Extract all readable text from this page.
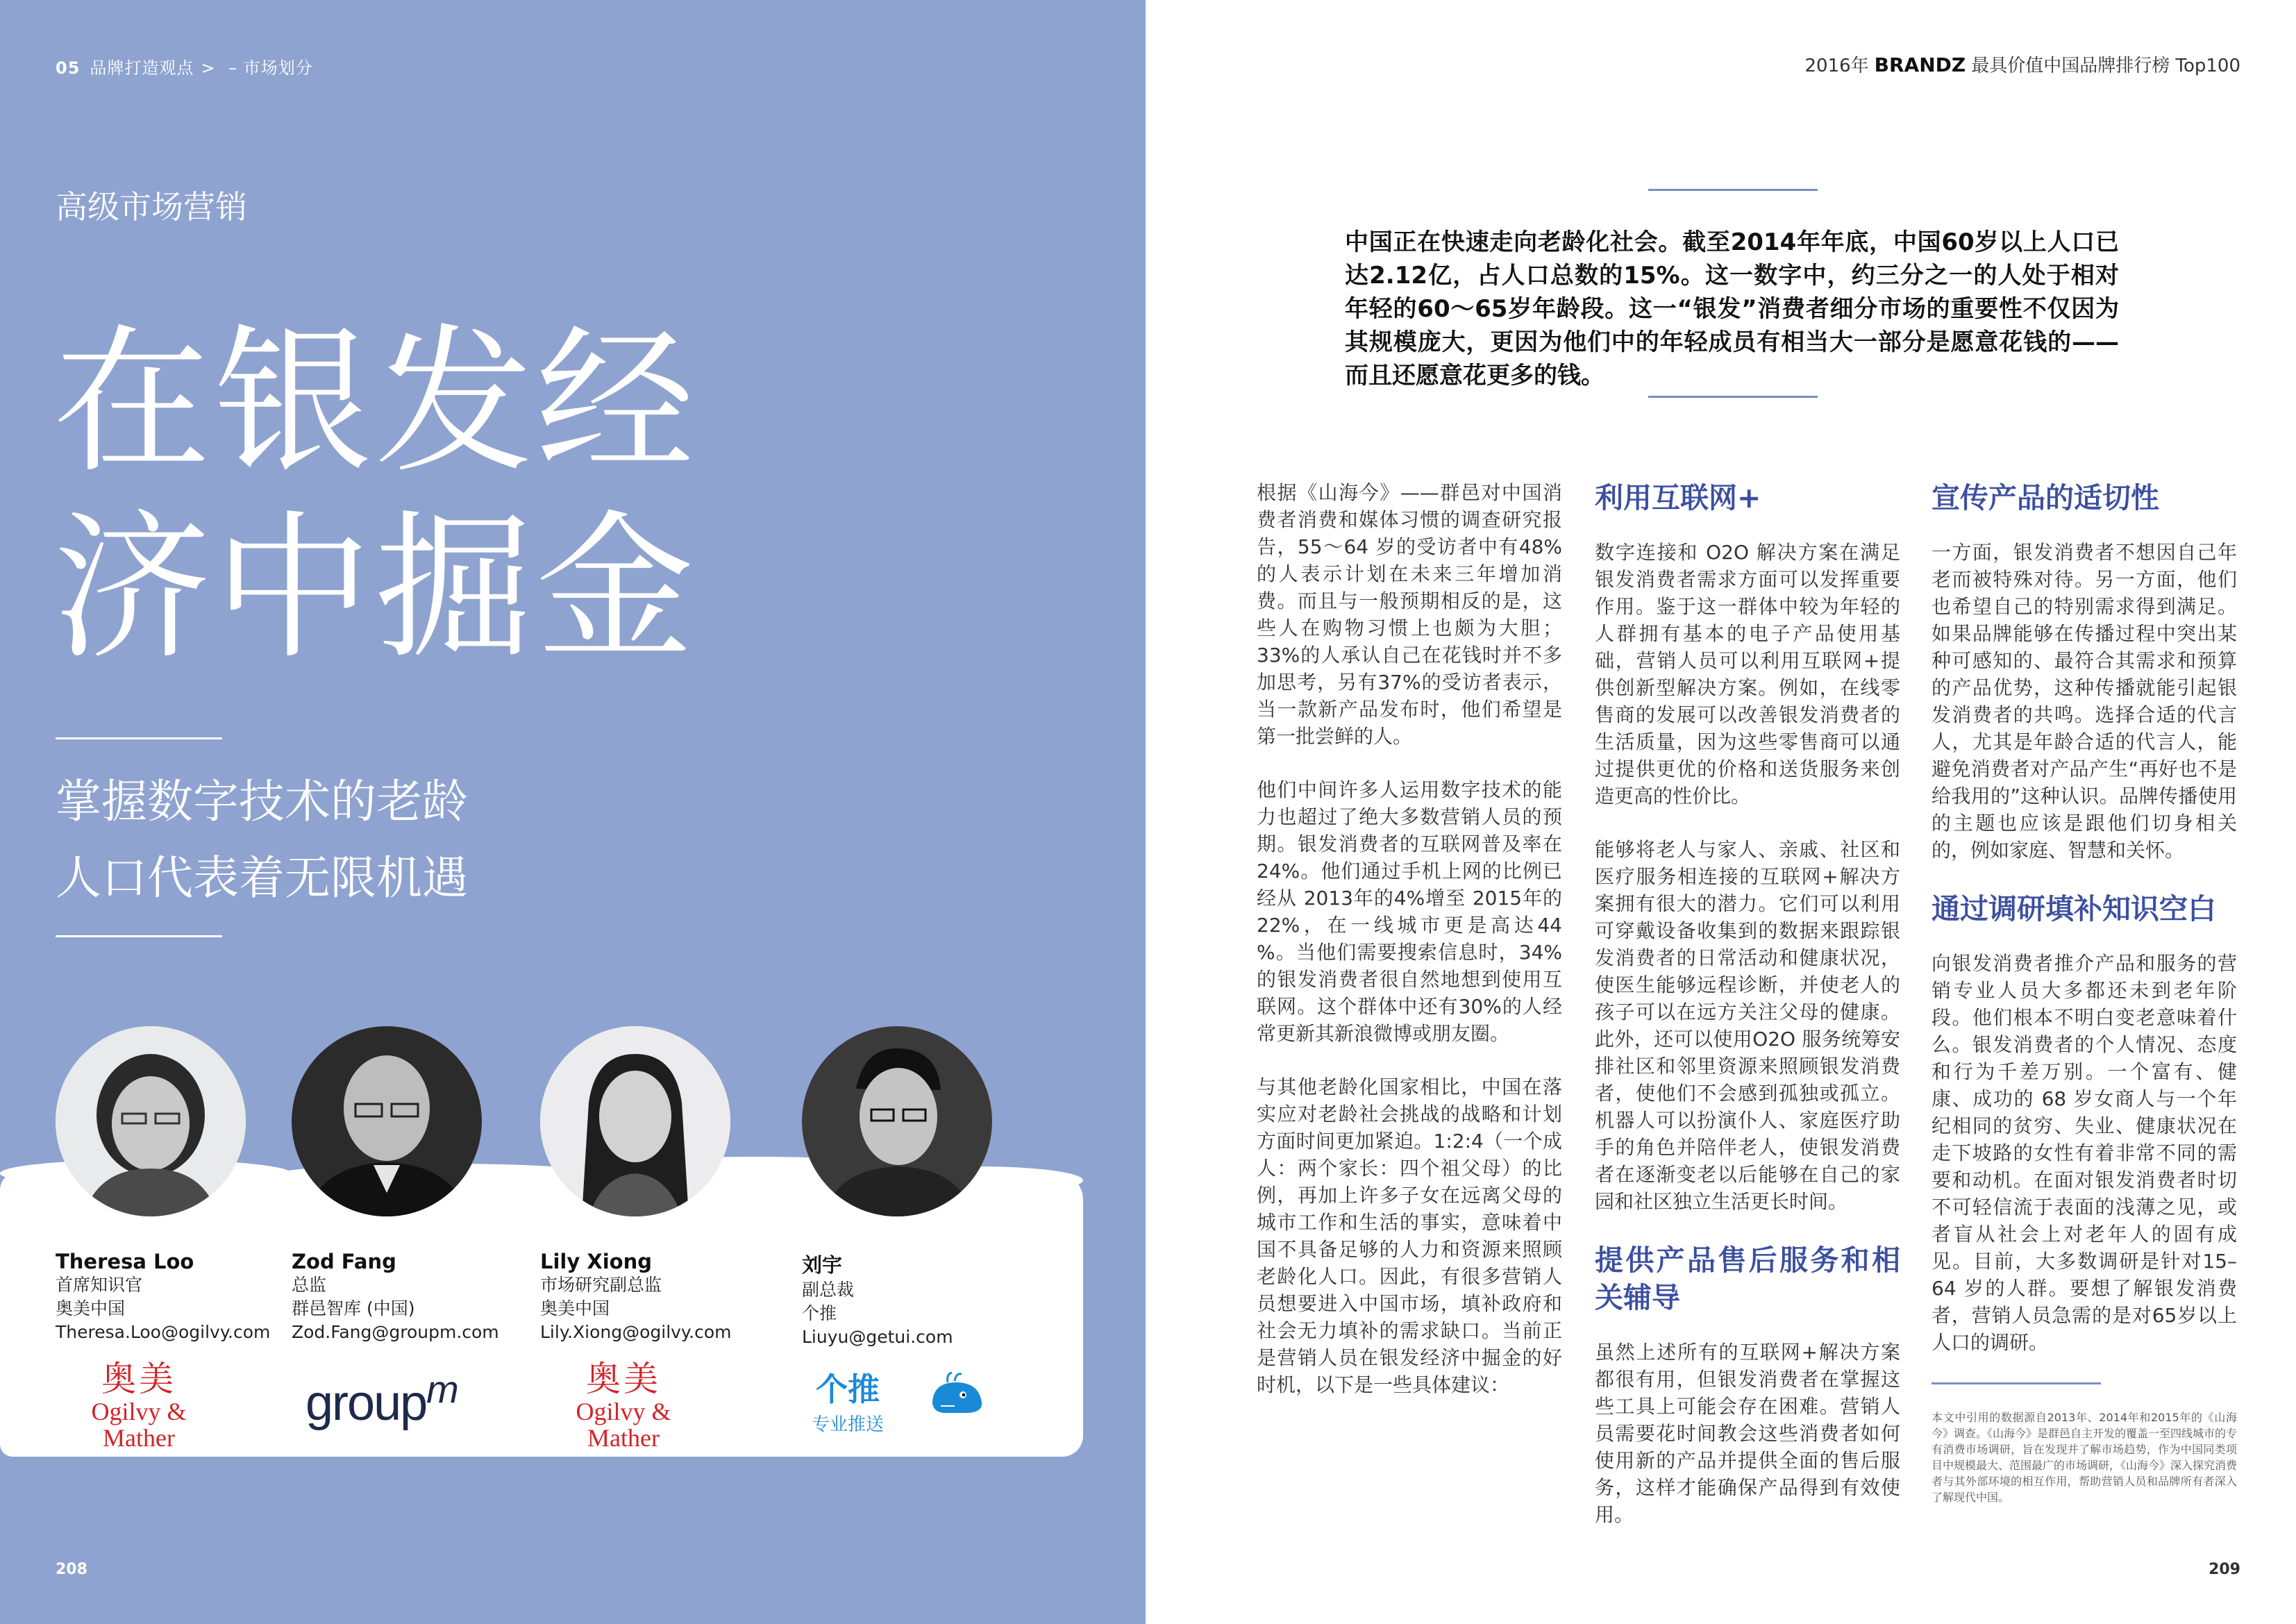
05 品牌打造观点 > – 市场划分
高级市场营销
在银发经
济中掘金
掌握数字技术的老龄
人口代表着无限机遇
Theresa Loo
首席知识官
奥美中国
Theresa.Loo@ogilvy.com
奥美
Ogilvy & Mather
Zod Fang
总监
群邑智库 (中国)
Zod.Fang@groupm.com
group$^m$
Lily Xiong
市场研究副总监
奥美中国
Lily.Xiong@ogilvy.com
奥美
Ogilvy & Mather
刘宇
副总裁
个推
Liuyu@getui.com
个推
专业推送
208
2016年 BRANDZ 最具价值中国品牌排行榜 Top100

中国正在快速走向老龄化社会。截至2014年年底，中国60岁以上人口已达2.12亿，占人口总数的15%。这一数字中，约三分之一的人处于相对年轻的60～65岁年龄段。这一“银发”消费者细分市场的重要性不仅因为其规模庞大，更因为他们中的年轻成员有相当大一部分是愿意花钱的——而且还愿意花更多的钱。

根据《山海今》——群邑对中国消费者消费和媒体习惯的调查研究报告，55～64 岁的受访者中有48%的人表示计划在未来三年增加消费。而且与一般预期相反的是，这些人在购物习惯上也颇为大胆；33%的人承认自己在花钱时并不多加思考，另有37%的受访者表示，当一款新产品发布时，他们希望是第一批尝鲜的人。

他们中间许多人运用数字技术的能力也超过了绝大多数营销人员的预期。银发消费者的互联网普及率在24%。他们通过手机上网的比例已经从 2013年的4%增至 2015年的22%，在一线城市更是高达44 %。当他们需要搜索信息时，34%的银发消费者很自然地想到使用互联网。这个群体中还有30%的人经常更新其新浪微博或朋友圈。

与其他老龄化国家相比，中国在落实应对老龄社会挑战的战略和计划方面时间更加紧迫。1:2:4（一个成人：两个家长：四个祖父母）的比例，再加上许多子女在远离父母的城市工作和生活的事实，意味着中国不具备足够的人力和资源来照顾老龄化人口。因此，有很多营销人员想要进入中国市场，填补政府和社会无力填补的需求缺口。当前正是营销人员在银发经济中掘金的好时机，以下是一些具体建议：

利用互联网+

数字连接和 O2O 解决方案在满足银发消费者需求方面可以发挥重要作用。鉴于这一群体中较为年轻的人群拥有基本的电子产品使用基础，营销人员可以利用互联网+提供创新型解决方案。例如，在线零售商的发展可以改善银发消费者的生活质量，因为这些零售商可以通过提供更优的价格和送货服务来创造更高的性价比。

能够将老人与家人、亲戚、社区和医疗服务相连接的互联网+解决方案拥有很大的潜力。它们可以利用可穿戴设备收集到的数据来跟踪银发消费者的日常活动和健康状况，使医生能够远程诊断，并使老人的孩子可以在远方关注父母的健康。此外，还可以使用O2O 服务统筹安排社区和邻里资源来照顾银发消费者，使他们不会感到孤独或孤立。机器人可以扮演仆人、家庭医疗助手的角色并陪伴老人，使银发消费者在逐渐变老以后能够在自己的家园和社区独立生活更长时间。

提供产品售后服务和相关辅导

虽然上述所有的互联网+解决方案都很有用，但银发消费者在掌握这些工具上可能会存在困难。营销人员需要花时间教会这些消费者如何使用新的产品并提供全面的售后服务，这样才能确保产品得到有效使用。

宣传产品的适切性

一方面，银发消费者不想因自己年老而被特殊对待。另一方面，他们也希望自己的特别需求得到满足。如果品牌能够在传播过程中突出某种可感知的、最符合其需求和预算的产品优势，这种传播就能引起银发消费者的共鸣。选择合适的代言人，尤其是年龄合适的代言人，能避免消费者对产品产生“再好也不是给我用的”这种认识。品牌传播使用的主题也应该是跟他们切身相关的，例如家庭、智慧和关怀。

通过调研填补知识空白

向银发消费者推介产品和服务的营销专业人员大多都还未到老年阶段。他们根本不明白变老意味着什么。银发消费者的个人情况、态度和行为千差万别。一个富有、健康、成功的 68 岁女商人与一个年纪相同的贫穷、失业、健康状况在走下坡路的女性有着非常不同的需要和动机。在面对银发消费者时切不可轻信流于表面的浅薄之见，或者盲从社会上对老年人的固有成见。目前，大多数调研是针对15–64 岁的人群。要想了解银发消费者，营销人员急需的是对65岁以上人口的调研。

本文中引用的数据源自2013年、2014年和2015年的《山海今》调查。《山海今》是群邑自主开发的覆盖一至四线城市的专有消费市场调研，旨在发现并了解市场趋势，作为中国同类项目中规模最大、范围最广的市场调研，《山海今》深入探究消费者与其外部环境的相互作用，帮助营销人员和品牌所有者深入了解现代中国。

209
